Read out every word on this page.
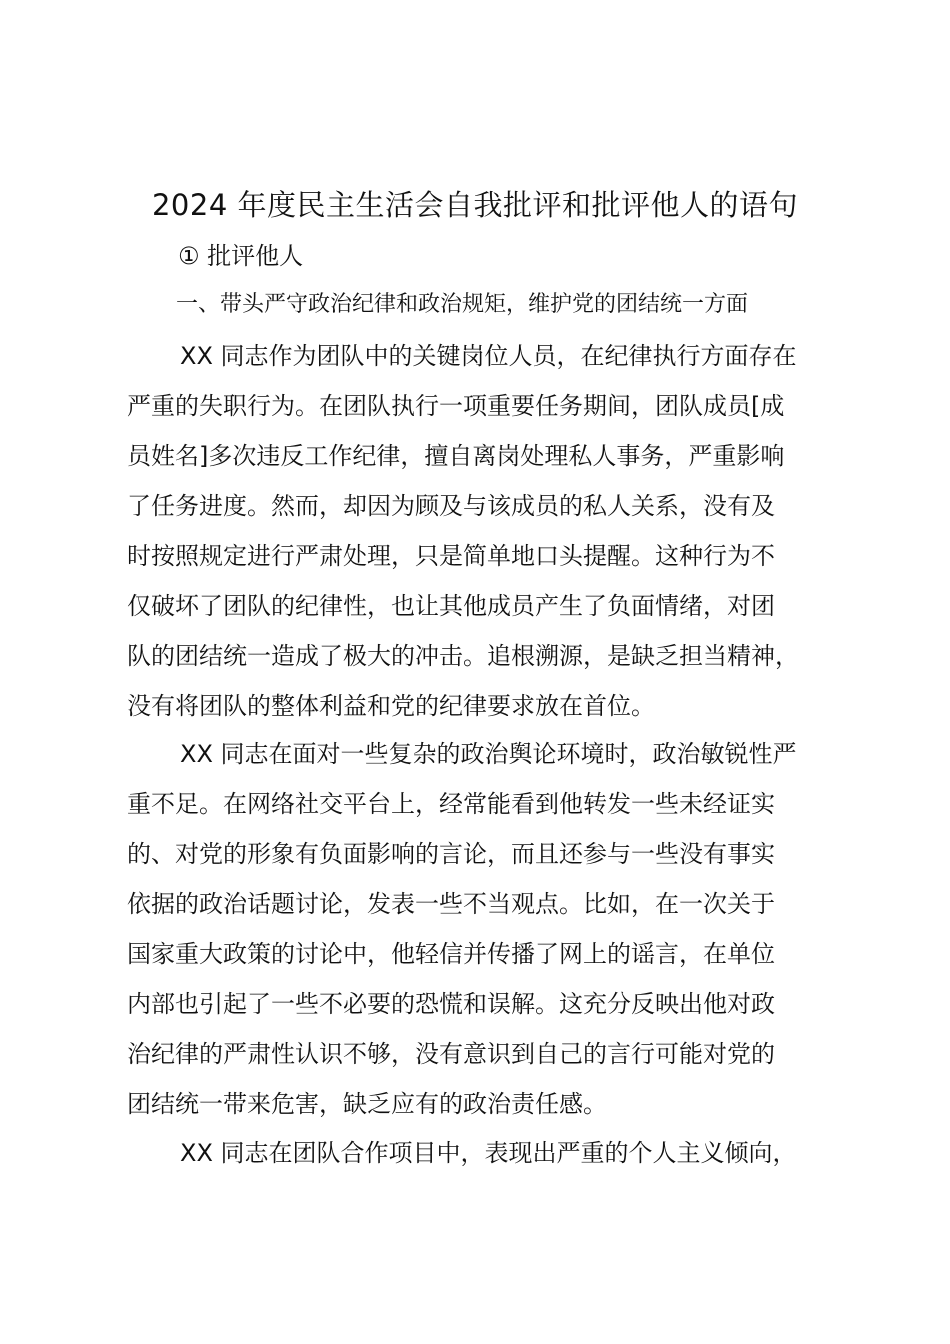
2024 年度民主生活会自我批评和批评他人的语句
① 批评他人
一、带头严守政治纪律和政治规矩，维护党的团结统一方面
XX 同志作为团队中的关键岗位人员，在纪律执行方面存在
严重的失职行为。在团队执行一项重要任务期间，团队成员[成
员姓名]多次违反工作纪律，擅自离岗处理私人事务，严重影响
了任务进度。然而，却因为顾及与该成员的私人关系，没有及
时按照规定进行严肃处理，只是简单地口头提醒。这种行为不
仅破坏了团队的纪律性，也让其他成员产生了负面情绪，对团
队的团结统一造成了极大的冲击。追根溯源，是缺乏担当精神，
没有将团队的整体利益和党的纪律要求放在首位。
XX 同志在面对一些复杂的政治舆论环境时，政治敏锐性严
重不足。在网络社交平台上，经常能看到他转发一些未经证实
的、对党的形象有负面影响的言论，而且还参与一些没有事实
依据的政治话题讨论，发表一些不当观点。比如，在一次关于
国家重大政策的讨论中，他轻信并传播了网上的谣言，在单位
内部也引起了一些不必要的恐慌和误解。这充分反映出他对政
治纪律的严肃性认识不够，没有意识到自己的言行可能对党的
团结统一带来危害，缺乏应有的政治责任感。
XX 同志在团队合作项目中，表现出严重的个人主义倾向，
